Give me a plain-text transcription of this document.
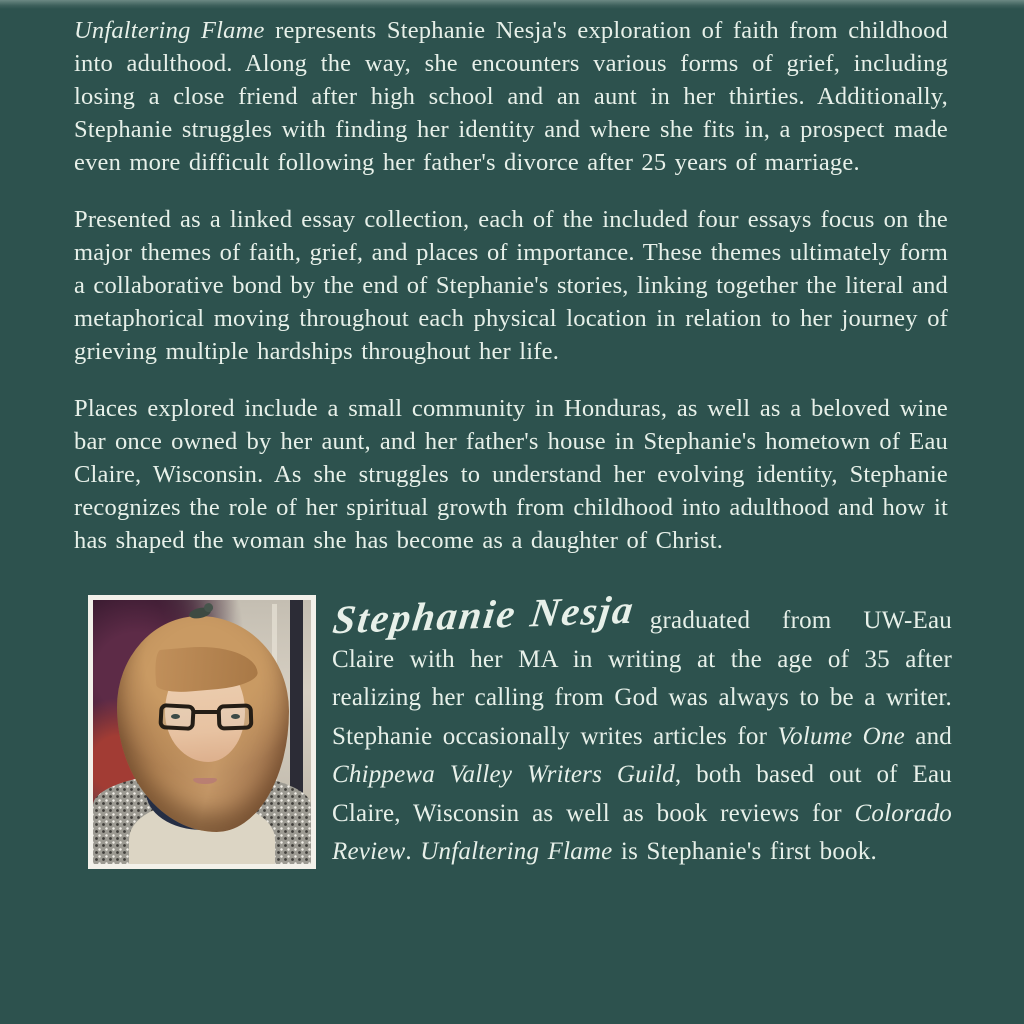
Unfaltering Flame represents Stephanie Nesja's exploration of faith from childhood into adulthood. Along the way, she encounters various forms of grief, including losing a close friend after high school and an aunt in her thirties. Additionally, Stephanie struggles with finding her identity and where she fits in, a prospect made even more difficult following her father's divorce after 25 years of marriage.

Presented as a linked essay collection, each of the included four essays focus on the major themes of faith, grief, and places of importance. These themes ultimately form a collaborative bond by the end of Stephanie's stories, linking together the literal and metaphorical moving throughout each physical location in relation to her journey of grieving multiple hardships throughout her life.

Places explored include a small community in Honduras, as well as a beloved wine bar once owned by her aunt, and her father's house in Stephanie's hometown of Eau Claire, Wisconsin. As she struggles to understand her evolving identity, Stephanie recognizes the role of her spiritual growth from childhood into adulthood and how it has shaped the woman she has become as a daughter of Christ.

Stephanie Nesja graduated from UW-Eau Claire with her MA in writing at the age of 35 after realizing her calling from God was always to be a writer. Stephanie occasionally writes articles for Volume One and Chippewa Valley Writers Guild, both based out of Eau Claire, Wisconsin as well as book reviews for Colorado Review. Unfaltering Flame is Stephanie's first book.
